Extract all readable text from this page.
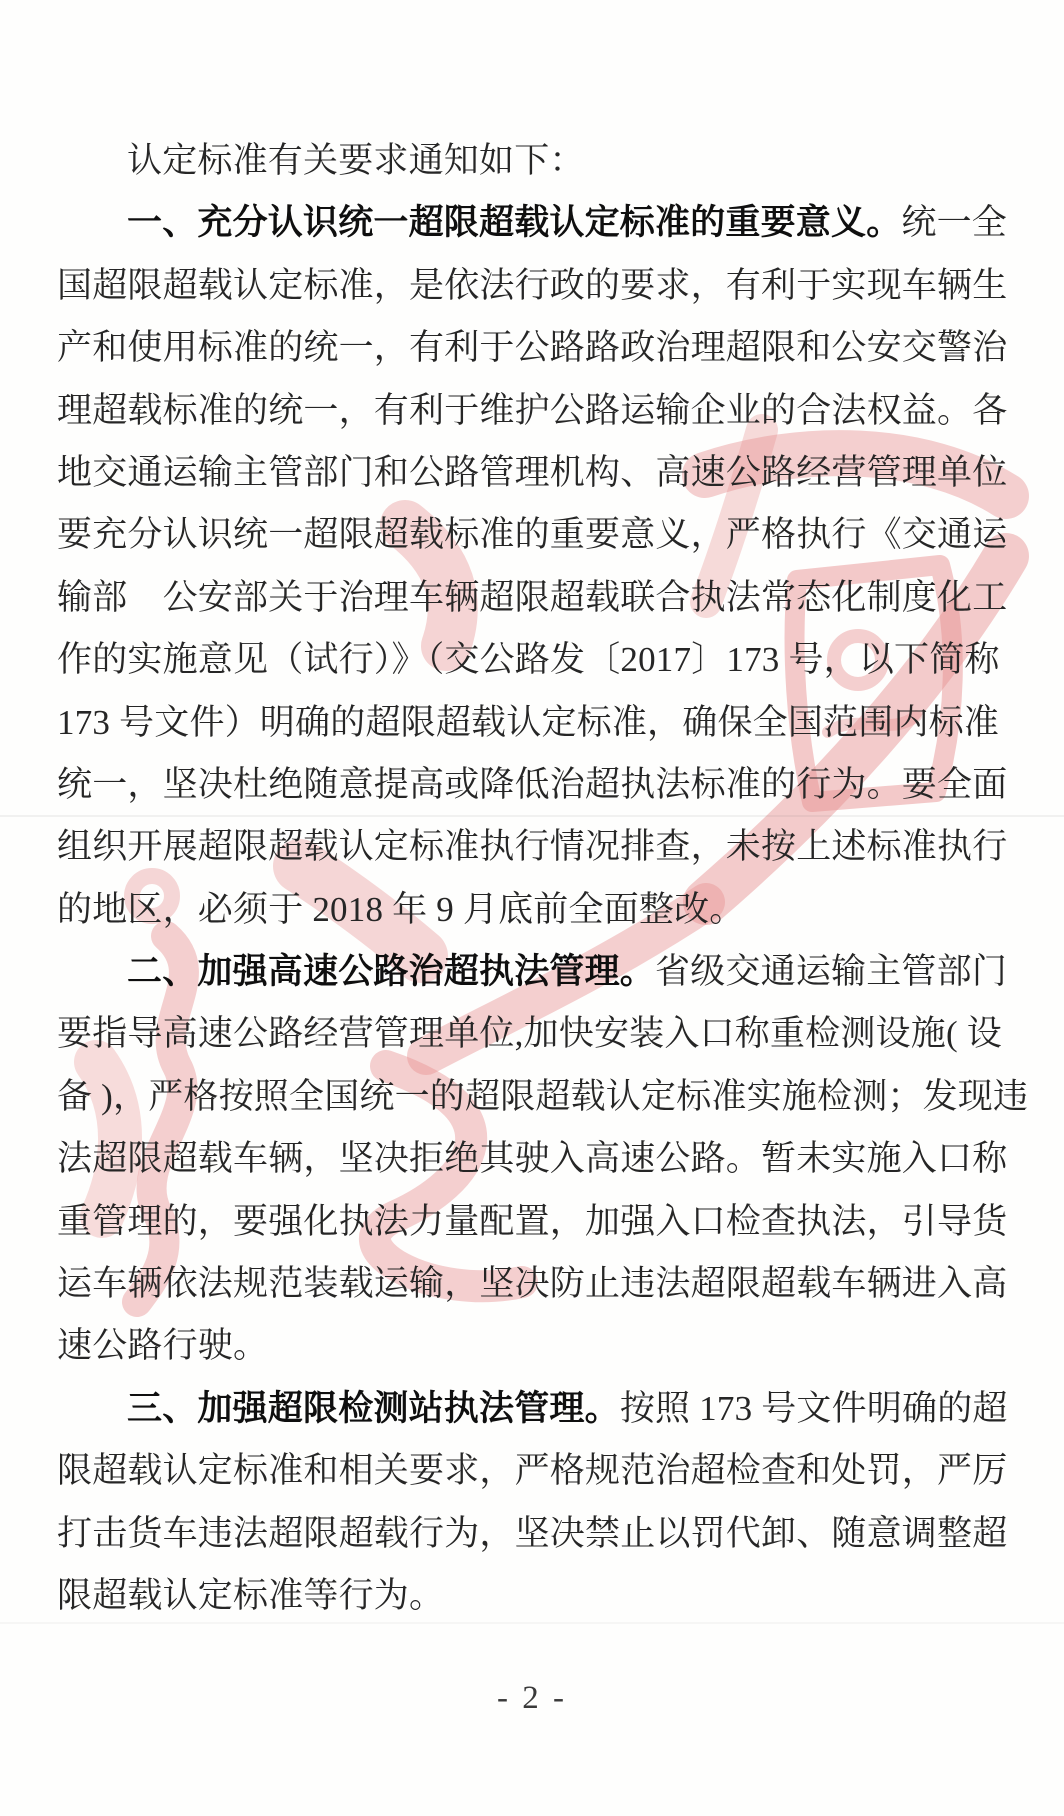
认定标准有关要求通知如下：
一、充分认识统一超限超载认定标准的重要意义。统一全
国超限超载认定标准，是依法行政的要求，有利于实现车辆生
产和使用标准的统一，有利于公路路政治理超限和公安交警治
理超载标准的统一，有利于维护公路运输企业的合法权益。各
地交通运输主管部门和公路管理机构、高速公路经营管理单位
要充分认识统一超限超载标准的重要意义，严格执行《交通运
输部　公安部关于治理车辆超限超载联合执法常态化制度化工
作的实施意见（试行）》（交公路发〔2017〕173 号，以下简称
173 号文件）明确的超限超载认定标准，确保全国范围内标准
统一，坚决杜绝随意提高或降低治超执法标准的行为。要全面
组织开展超限超载认定标准执行情况排查，未按上述标准执行
的地区，必须于 2018 年 9 月底前全面整改。
二、加强高速公路治超执法管理。省级交通运输主管部门
要指导高速公路经营管理单位,加快安装入口称重检测设施( 设
备 )，严格按照全国统一的超限超载认定标准实施检测；发现违
法超限超载车辆，坚决拒绝其驶入高速公路。暂未实施入口称
重管理的，要强化执法力量配置，加强入口检查执法，引导货
运车辆依法规范装载运输，坚决防止违法超限超载车辆进入高
速公路行驶。
三、加强超限检测站执法管理。按照 173 号文件明确的超
限超载认定标准和相关要求，严格规范治超检查和处罚，严厉
打击货车违法超限超载行为，坚决禁止以罚代卸、随意调整超
限超载认定标准等行为。
- 2 -
